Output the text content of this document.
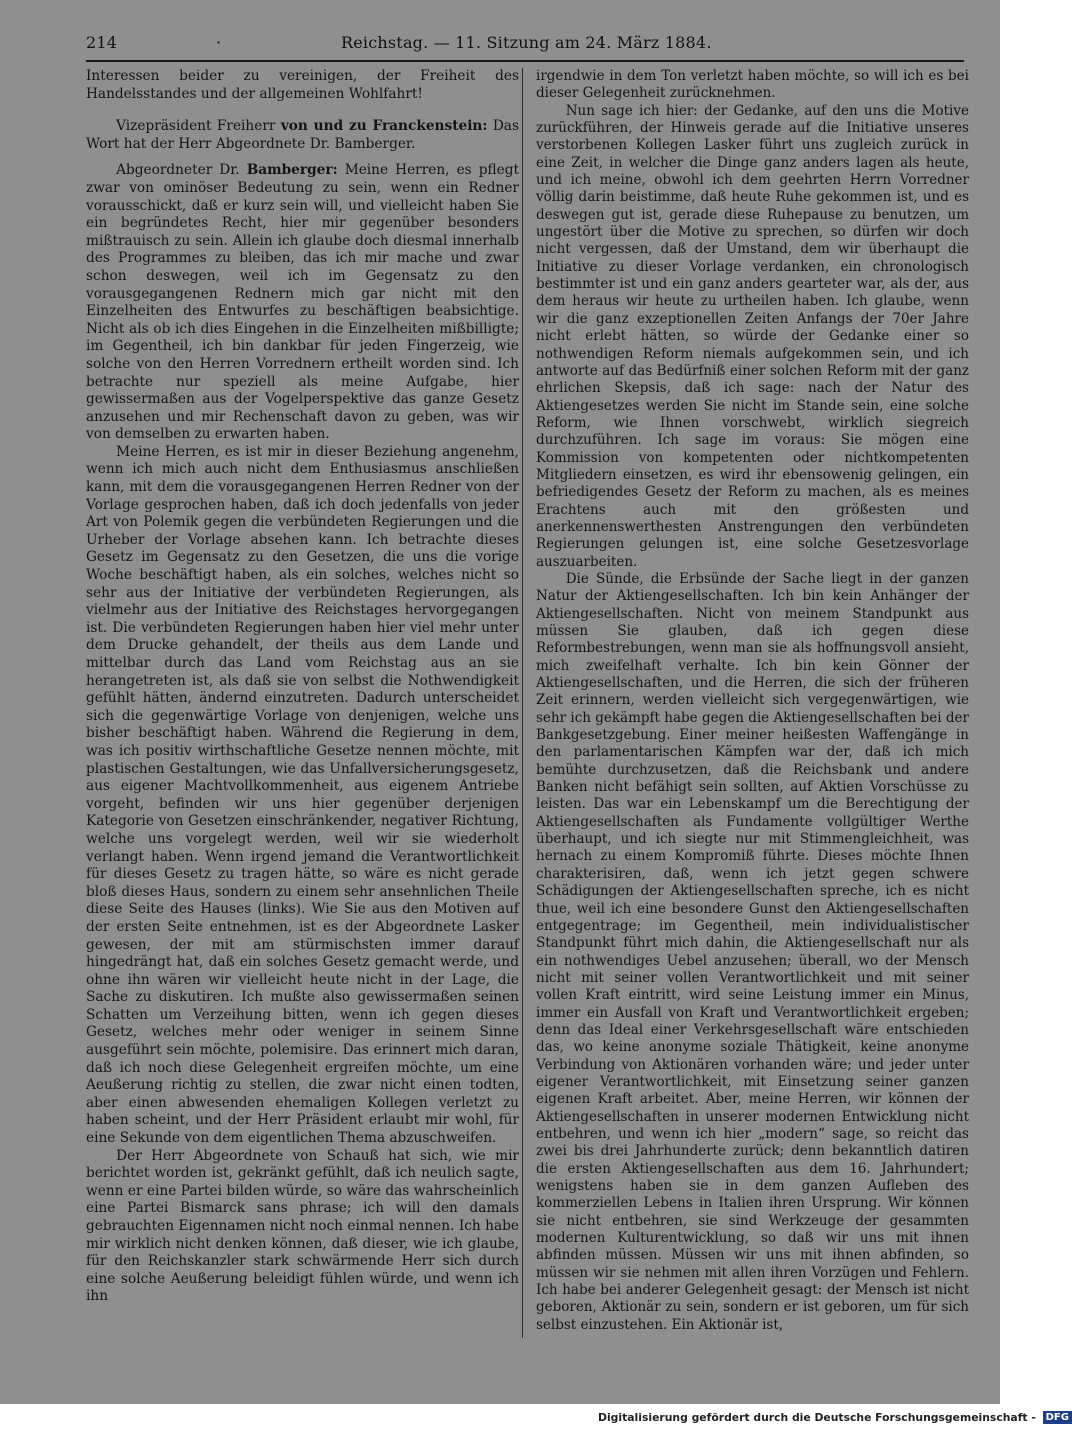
214	·	Reichstag. — 11. Sitzung am 24. März 1884.

Interessen beider zu vereinigen, der Freiheit des Handelsstandes und der allgemeinen Wohlfahrt!

Vizepräsident Freiherr von und zu Franckenstein: Das Wort hat der Herr Abgeordnete Dr. Bamberger.

Abgeordneter Dr. Bamberger: Meine Herren, es pflegt zwar von ominöser Bedeutung zu sein, wenn ein Redner vorausschickt, daß er kurz sein will, und vielleicht haben Sie ein begründetes Recht, hier mir gegenüber besonders mißtrauisch zu sein. Allein ich glaube doch diesmal innerhalb des Programmes zu bleiben, das ich mir mache und zwar schon deswegen, weil ich im Gegensatz zu den vorausgegangenen Rednern mich gar nicht mit den Einzelheiten des Entwurfes zu beschäftigen beabsichtige. Nicht als ob ich dies Eingehen in die Einzelheiten mißbilligte; im Gegentheil, ich bin dankbar für jeden Fingerzeig, wie solche von den Herren Vorrednern ertheilt worden sind. Ich betrachte nur speziell als meine Aufgabe, hier gewissermaßen aus der Vogelperspektive das ganze Gesetz anzusehen und mir Rechenschaft davon zu geben, was wir von demselben zu erwarten haben.

Meine Herren, es ist mir in dieser Beziehung angenehm, wenn ich mich auch nicht dem Enthusiasmus anschließen kann, mit dem die vorausgegangenen Herren Redner von der Vorlage gesprochen haben, daß ich doch jedenfalls von jeder Art von Polemik gegen die verbündeten Regierungen und die Urheber der Vorlage absehen kann. Ich betrachte dieses Gesetz im Gegensatz zu den Gesetzen, die uns die vorige Woche beschäftigt haben, als ein solches, welches nicht so sehr aus der Initiative der verbündeten Regierungen, als vielmehr aus der Initiative des Reichstages hervorgegangen ist. Die verbündeten Regierungen haben hier viel mehr unter dem Drucke gehandelt, der theils aus dem Lande und mittelbar durch das Land vom Reichstag aus an sie herangetreten ist, als daß sie von selbst die Nothwendigkeit gefühlt hätten, ändernd einzutreten. Dadurch unterscheidet sich die gegenwärtige Vorlage von denjenigen, welche uns bisher beschäftigt haben. Während die Regierung in dem, was ich positiv wirthschaftliche Gesetze nennen möchte, mit plastischen Gestaltungen, wie das Unfallversicherungsgesetz, aus eigener Machtvollkommenheit, aus eigenem Antriebe vorgeht, befinden wir uns hier gegenüber derjenigen Kategorie von Gesetzen einschränkender, negativer Richtung, welche uns vorgelegt werden, weil wir sie wiederholt verlangt haben. Wenn irgend jemand die Verantwortlichkeit für dieses Gesetz zu tragen hätte, so wäre es nicht gerade bloß dieses Haus, sondern zu einem sehr ansehnlichen Theile diese Seite des Hauses (links). Wie Sie aus den Motiven auf der ersten Seite entnehmen, ist es der Abgeordnete Lasker gewesen, der mit am stürmischsten immer darauf hingedrängt hat, daß ein solches Gesetz gemacht werde, und ohne ihn wären wir vielleicht heute nicht in der Lage, die Sache zu diskutiren. Ich mußte also gewissermaßen seinen Schatten um Verzeihung bitten, wenn ich gegen dieses Gesetz, welches mehr oder weniger in seinem Sinne ausgeführt sein möchte, polemisire. Das erinnert mich daran, daß ich noch diese Gelegenheit ergreifen möchte, um eine Aeußerung richtig zu stellen, die zwar nicht einen todten, aber einen abwesenden ehemaligen Kollegen verletzt zu haben scheint, und der Herr Präsident erlaubt mir wohl, für eine Sekunde von dem eigentlichen Thema abzuschweifen.

Der Herr Abgeordnete von Schauß hat sich, wie mir berichtet worden ist, gekränkt gefühlt, daß ich neulich sagte, wenn er eine Partei bilden würde, so wäre das wahrscheinlich eine Partei Bismarck sans phrase; ich will den damals gebrauchten Eigennamen nicht noch einmal nennen. Ich habe mir wirklich nicht denken können, daß dieser, wie ich glaube, für den Reichskanzler stark schwärmende Herr sich durch eine solche Aeußerung beleidigt fühlen würde, und wenn ich ihn

irgendwie in dem Ton verletzt haben möchte, so will ich es bei dieser Gelegenheit zurücknehmen.

Nun sage ich hier: der Gedanke, auf den uns die Motive zurückführen, der Hinweis gerade auf die Initiative unseres verstorbenen Kollegen Lasker führt uns zugleich zurück in eine Zeit, in welcher die Dinge ganz anders lagen als heute, und ich meine, obwohl ich dem geehrten Herrn Vorredner völlig darin beistimme, daß heute Ruhe gekommen ist, und es deswegen gut ist, gerade diese Ruhepause zu benutzen, um ungestört über die Motive zu sprechen, so dürfen wir doch nicht vergessen, daß der Umstand, dem wir überhaupt die Initiative zu dieser Vorlage verdanken, ein chronologisch bestimmter ist und ein ganz anders gearteter war, als der, aus dem heraus wir heute zu urtheilen haben. Ich glaube, wenn wir die ganz exzeptionellen Zeiten Anfangs der 70er Jahre nicht erlebt hätten, so würde der Gedanke einer so nothwendigen Reform niemals aufgekommen sein, und ich antworte auf das Bedürfniß einer solchen Reform mit der ganz ehrlichen Skepsis, daß ich sage: nach der Natur des Aktiengesetzes werden Sie nicht im Stande sein, eine solche Reform, wie Ihnen vorschwebt, wirklich siegreich durchzuführen. Ich sage im voraus: Sie mögen eine Kommission von kompetenten oder nichtkompetenten Mitgliedern einsetzen, es wird ihr ebensowenig gelingen, ein befriedigendes Gesetz der Reform zu machen, als es meines Erachtens auch mit den größesten und anerkennenswerthesten Anstrengungen den verbündeten Regierungen gelungen ist, eine solche Gesetzesvorlage auszuarbeiten.

Die Sünde, die Erbsünde der Sache liegt in der ganzen Natur der Aktiengesellschaften. Ich bin kein Anhänger der Aktiengesellschaften. Nicht von meinem Standpunkt aus müssen Sie glauben, daß ich gegen diese Reformbestrebungen, wenn man sie als hoffnungsvoll ansieht, mich zweifelhaft verhalte. Ich bin kein Gönner der Aktiengesellschaften, und die Herren, die sich der früheren Zeit erinnern, werden vielleicht sich vergegenwärtigen, wie sehr ich gekämpft habe gegen die Aktiengesellschaften bei der Bankgesetzgebung. Einer meiner heißesten Waffengänge in den parlamentarischen Kämpfen war der, daß ich mich bemühte durchzusetzen, daß die Reichsbank und andere Banken nicht befähigt sein sollten, auf Aktien Vorschüsse zu leisten. Das war ein Lebenskampf um die Berechtigung der Aktiengesellschaften als Fundamente vollgültiger Werthe überhaupt, und ich siegte nur mit Stimmengleichheit, was hernach zu einem Kompromiß führte. Dieses möchte Ihnen charakterisiren, daß, wenn ich jetzt gegen schwere Schädigungen der Aktiengesellschaften spreche, ich es nicht thue, weil ich eine besondere Gunst den Aktiengesellschaften entgegentrage; im Gegentheil, mein individualistischer Standpunkt führt mich dahin, die Aktiengesellschaft nur als ein nothwendiges Uebel anzusehen; überall, wo der Mensch nicht mit seiner vollen Verantwortlichkeit und mit seiner vollen Kraft eintritt, wird seine Leistung immer ein Minus, immer ein Ausfall von Kraft und Verantwortlichkeit ergeben; denn das Ideal einer Verkehrsgesellschaft wäre entschieden das, wo keine anonyme soziale Thätigkeit, keine anonyme Verbindung von Aktionären vorhanden wäre; und jeder unter eigener Verantwortlichkeit, mit Einsetzung seiner ganzen eigenen Kraft arbeitet. Aber, meine Herren, wir können der Aktiengesellschaften in unserer modernen Entwicklung nicht entbehren, und wenn ich hier „modern“ sage, so reicht das zwei bis drei Jahrhunderte zurück; denn bekanntlich datiren die ersten Aktiengesellschaften aus dem 16. Jahrhundert; wenigstens haben sie in dem ganzen Aufleben des kommerziellen Lebens in Italien ihren Ursprung. Wir können sie nicht entbehren, sie sind Werkzeuge der gesammten modernen Kulturentwicklung, so daß wir uns mit ihnen abfinden müssen. Müssen wir uns mit ihnen abfinden, so müssen wir sie nehmen mit allen ihren Vorzügen und Fehlern. Ich habe bei anderer Gelegenheit gesagt: der Mensch ist nicht geboren, Aktionär zu sein, sondern er ist geboren, um für sich selbst einzustehen. Ein Aktionär ist,

Digitalisierung gefördert durch die Deutsche Forschungsgemeinschaft - DFG
